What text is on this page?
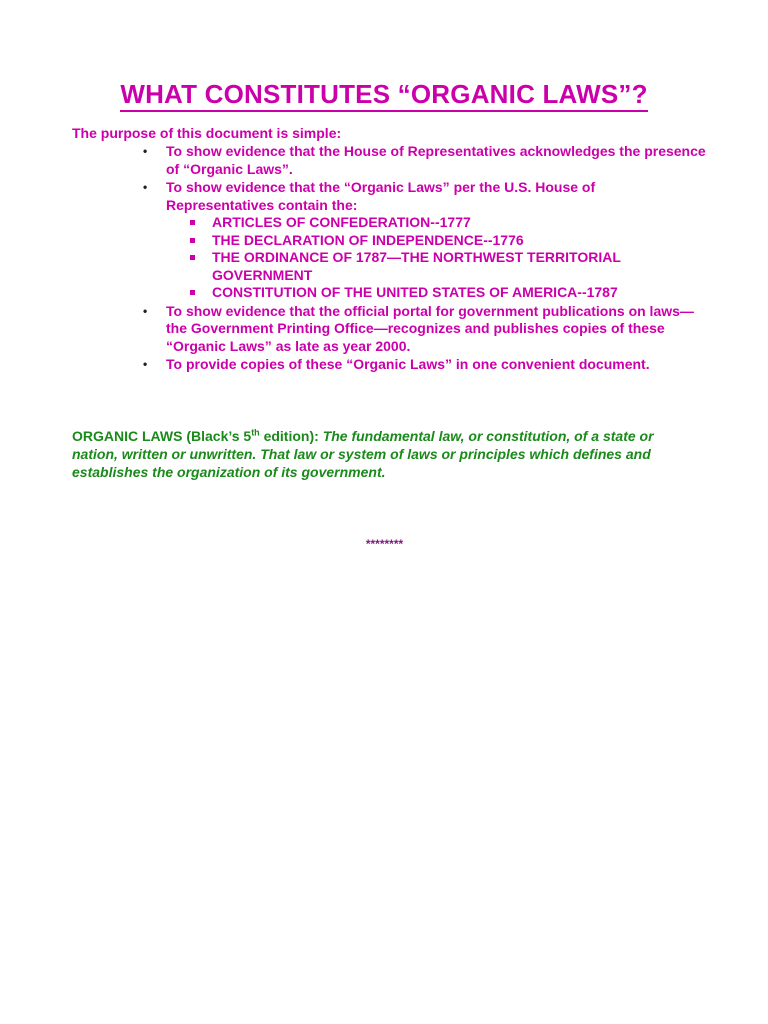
WHAT CONSTITUTES “ORGANIC LAWS”?

The purpose of this document is simple:

• To show evidence that the House of Representatives acknowledges the presence of “Organic Laws”.
• To show evidence that the “Organic Laws” per the U.S. House of Representatives contain the:
ARTICLES OF CONFEDERATION--1777
THE DECLARATION OF INDEPENDENCE--1776
THE ORDINANCE OF 1787—THE NORTHWEST TERRITORIAL GOVERNMENT
CONSTITUTION OF THE UNITED STATES OF AMERICA--1787
• To show evidence that the official portal for government publications on laws—the Government Printing Office—recognizes and publishes copies of these “Organic Laws” as late as year 2000.
• To provide copies of these “Organic Laws” in one convenient document.

ORGANIC LAWS (Black’s 5th edition): The fundamental law, or constitution, of a state or nation, written or unwritten. That law or system of laws or principles which defines and establishes the organization of its government.

********
